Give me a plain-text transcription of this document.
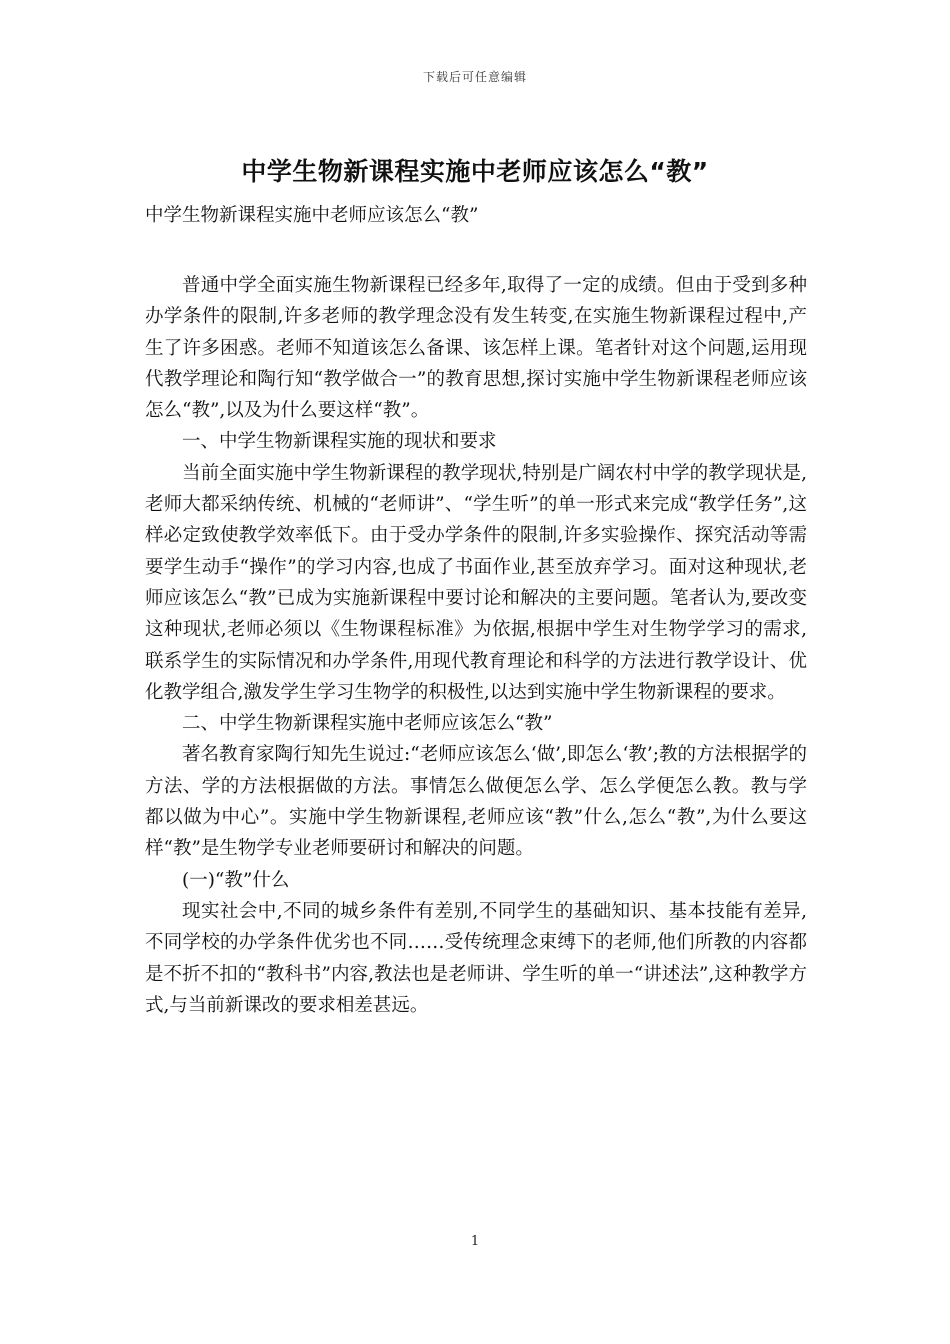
下载后可任意编辑
中学生物新课程实施中老师应该怎么“教”
中学生物新课程实施中老师应该怎么“教”

普通中学全面实施生物新课程已经多年,取得了一定的成绩。但由于受到多种办学条件的限制,许多老师的教学理念没有发生转变,在实施生物新课程过程中,产生了许多困惑。老师不知道该怎么备课、该怎样上课。笔者针对这个问题,运用现代教学理论和陶行知“教学做合一”的教育思想,探讨实施中学生物新课程老师应该怎么“教”,以及为什么要这样“教”。

一、中学生物新课程实施的现状和要求

当前全面实施中学生物新课程的教学现状,特别是广阔农村中学的教学现状是,老师大都采纳传统、机械的“老师讲”、“学生听”的单一形式来完成“教学任务”,这样必定致使教学效率低下。由于受办学条件的限制,许多实验操作、探究活动等需要学生动手“操作”的学习内容,也成了书面作业,甚至放弃学习。面对这种现状,老师应该怎么“教”已成为实施新课程中要讨论和解决的主要问题。笔者认为,要改变这种现状,老师必须以《生物课程标准》为依据,根据中学生对生物学学习的需求,联系学生的实际情况和办学条件,用现代教育理论和科学的方法进行教学设计、优化教学组合,激发学生学习生物学的积极性,以达到实施中学生物新课程的要求。

二、中学生物新课程实施中老师应该怎么“教”

著名教育家陶行知先生说过:“老师应该怎么‘做’,即怎么‘教’;教的方法根据学的方法、学的方法根据做的方法。事情怎么做便怎么学、怎么学便怎么教。教与学都以做为中心”。实施中学生物新课程,老师应该“教”什么,怎么“教”,为什么要这样“教”是生物学专业老师要研讨和解决的问题。

(一)“教”什么

现实社会中,不同的城乡条件有差别,不同学生的基础知识、基本技能有差异,不同学校的办学条件优劣也不同……受传统理念束缚下的老师,他们所教的内容都是不折不扣的“教科书”内容,教法也是老师讲、学生听的单一“讲述法”,这种教学方式,与当前新课改的要求相差甚远。

1
